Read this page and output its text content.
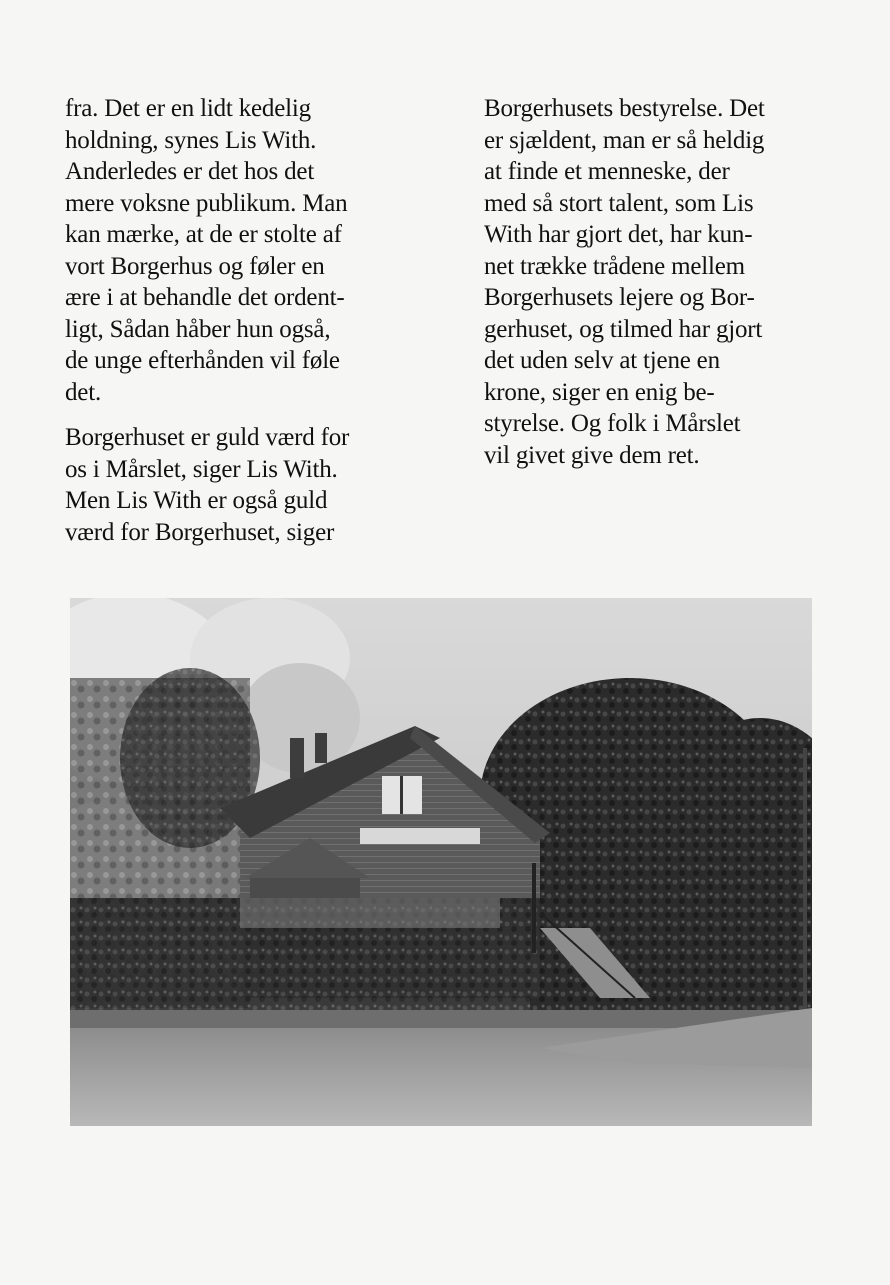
fra. Det er en lidt kedelig
holdning, synes Lis With.
Anderledes er det hos det
mere voksne publikum. Man
kan mærke, at de er stolte af
vort Borgerhus og føler en
ære i at behandle det ordent-
ligt, Sådan håber hun også,
de unge efterhånden vil føle
det.

Borgerhuset er guld værd for
os i Mårslet, siger Lis With.
Men Lis With er også guld
værd for Borgerhuset, siger

Borgerhusets bestyrelse. Det
er sjældent, man er så heldig
at finde et menneske, der
med så stort talent, som Lis
With har gjort det, har kun-
net trække trådene mellem
Borgerhusets lejere og Bor-
gerhuset, og tilmed har gjort
det uden selv at tjene en
krone, siger en enig be-
styrelse. Og folk i Mårslet
vil givet give dem ret.
